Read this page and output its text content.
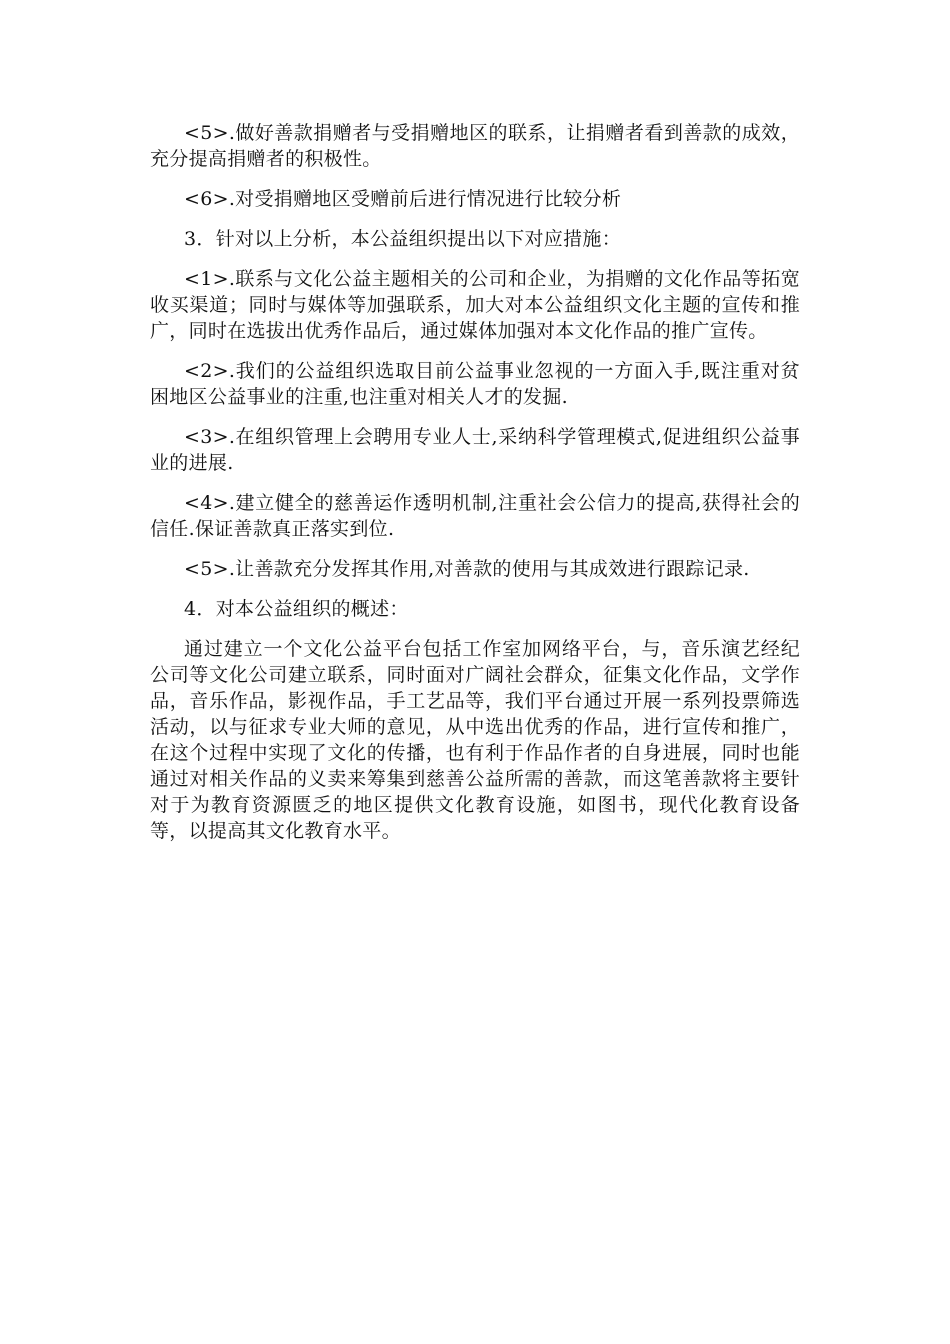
<5>.做好善款捐赠者与受捐赠地区的联系，让捐赠者看到善款的成效，充分提高捐赠者的积极性。

<6>.对受捐赠地区受赠前后进行情况进行比较分析

3．针对以上分析，本公益组织提出以下对应措施：

<1>.联系与文化公益主题相关的公司和企业，为捐赠的文化作品等拓宽收买渠道；同时与媒体等加强联系，加大对本公益组织文化主题的宣传和推广，同时在选拔出优秀作品后，通过媒体加强对本文化作品的推广宣传。

<2>.我们的公益组织选取目前公益事业忽视的一方面入手,既注重对贫困地区公益事业的注重,也注重对相关人才的发掘.

<3>.在组织管理上会聘用专业人士,采纳科学管理模式,促进组织公益事业的进展.

<4>.建立健全的慈善运作透明机制,注重社会公信力的提高,获得社会的信任.保证善款真正落实到位.

<5>.让善款充分发挥其作用,对善款的使用与其成效进行跟踪记录.

4．对本公益组织的概述：

通过建立一个文化公益平台包括工作室加网络平台，与，音乐演艺经纪公司等文化公司建立联系，同时面对广阔社会群众，征集文化作品，文学作品，音乐作品，影视作品，手工艺品等，我们平台通过开展一系列投票筛选活动，以与征求专业大师的意见，从中选出优秀的作品，进行宣传和推广，在这个过程中实现了文化的传播，也有利于作品作者的自身进展，同时也能通过对相关作品的义卖来筹集到慈善公益所需的善款，而这笔善款将主要针对于为教育资源匮乏的地区提供文化教育设施，如图书，现代化教育设备等，以提高其文化教育水平。
